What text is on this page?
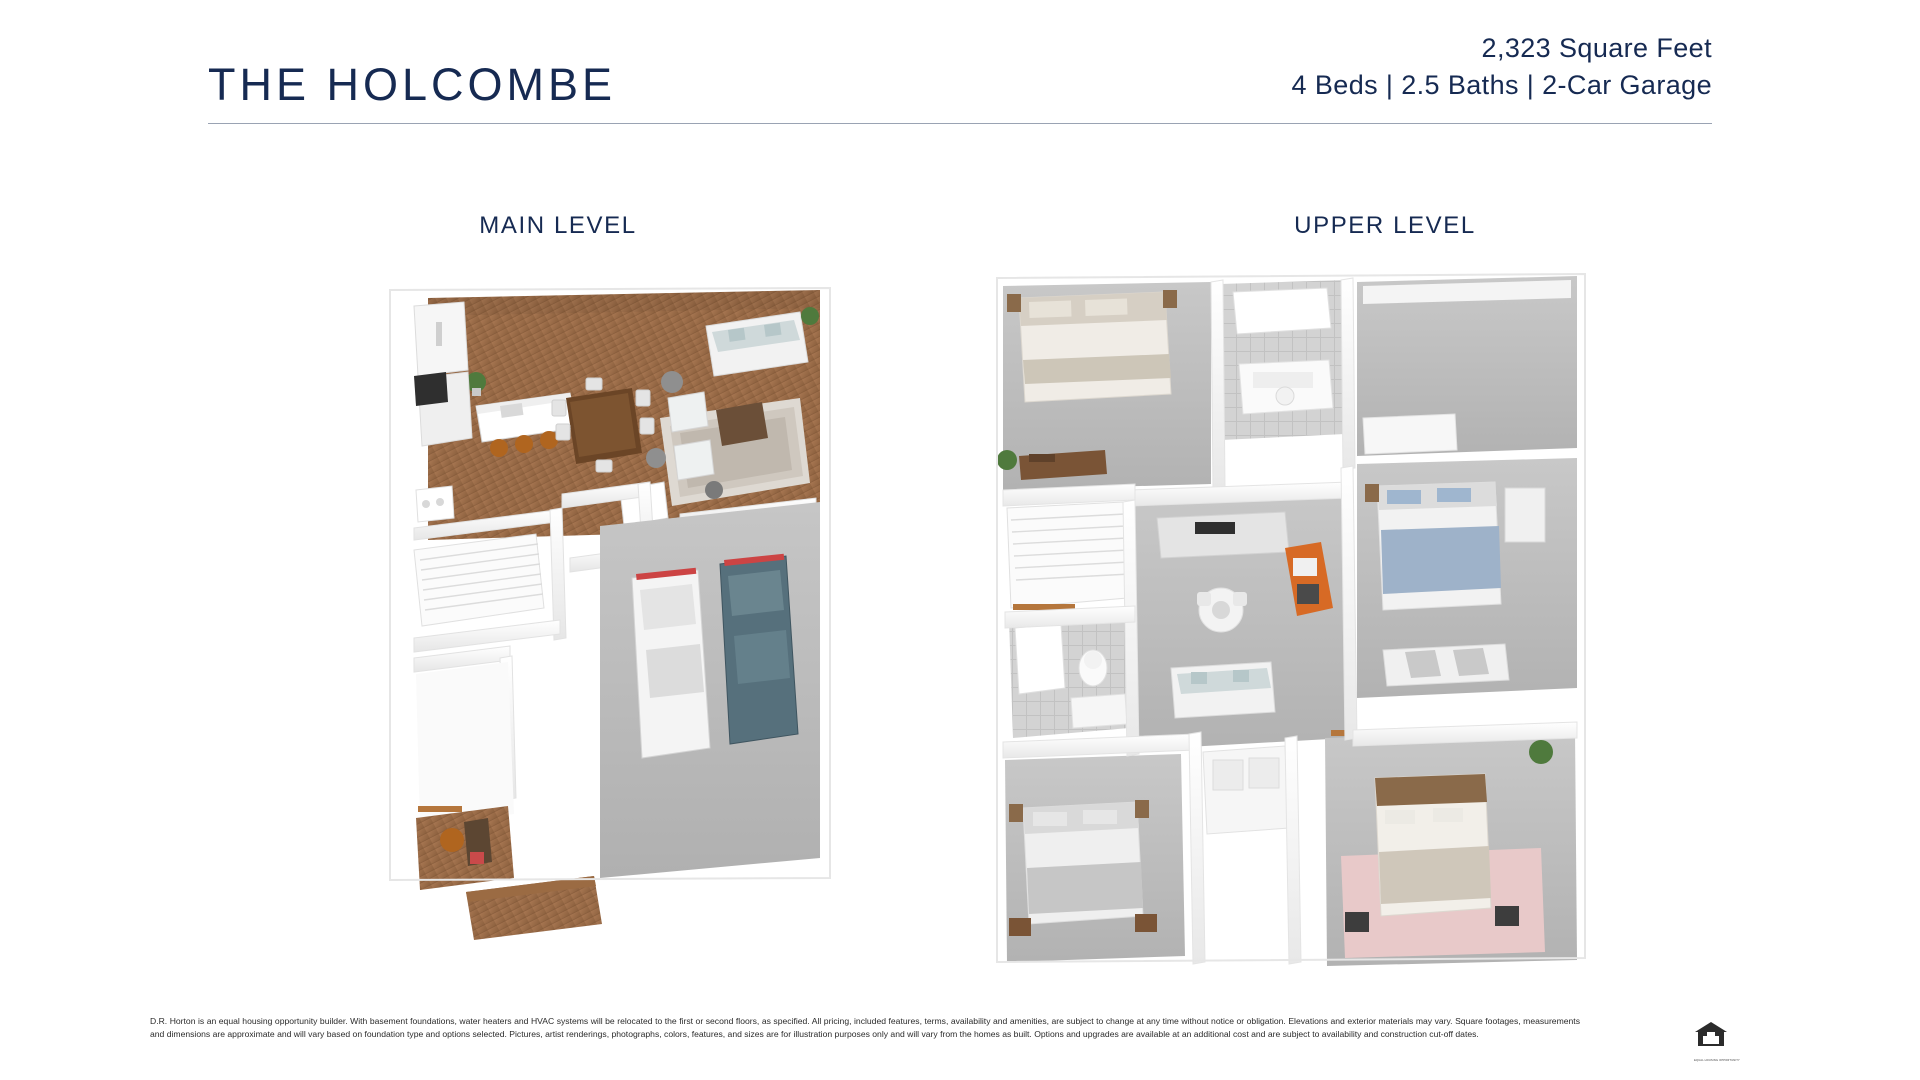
THE HOLCOMBE
2,323 Square Feet
4 Beds | 2.5 Baths | 2-Car Garage
MAIN LEVEL	UPPER LEVEL
D.R. Horton is an equal housing opportunity builder. With basement foundations, water heaters and HVAC systems will be relocated to the first or second floors, as specified. All pricing, included features, terms, availability and amenities, are subject to change at any time without notice or obligation. Elevations and exterior materials may vary. Square footages, measurements and dimensions are approximate and will vary based on foundation type and options selected. Pictures, artist renderings, photographs, colors, features, and sizes are for illustration purposes only and will vary from the homes as built. Options and upgrades are available at an additional cost and are subject to availability and construction cut-off dates.
EQUAL HOUSING OPPORTUNITY
